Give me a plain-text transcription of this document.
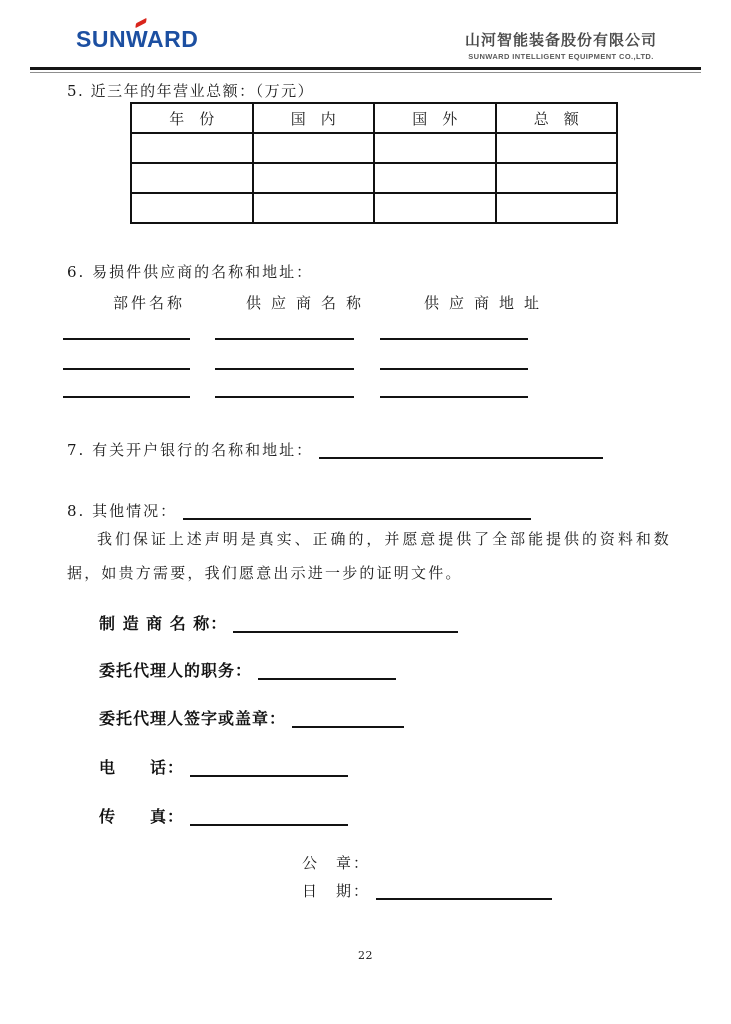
SUNWARD	山河智能装备股份有限公司
SUNWARD INTELLIGENT EQUIPMENT CO.,LTD.
5. 近三年的年营业总额：（万元）
年　份	国　内	国　外	总　额

6. 易损件供应商的名称和地址：
部件名称	供应商名称	供应商地址
7. 有关开户银行的名称和地址：
8. 其他情况：
我们保证上述声明是真实、正确的，并愿意提供了全部能提供的资料和数据，如贵方需要，我们愿意出示进一步的证明文件。
制 造 商 名 称：
委托代理人的职务：
委托代理人签字或盖章：
电　　话：
传　　真：
公　章：
日　期：
22
